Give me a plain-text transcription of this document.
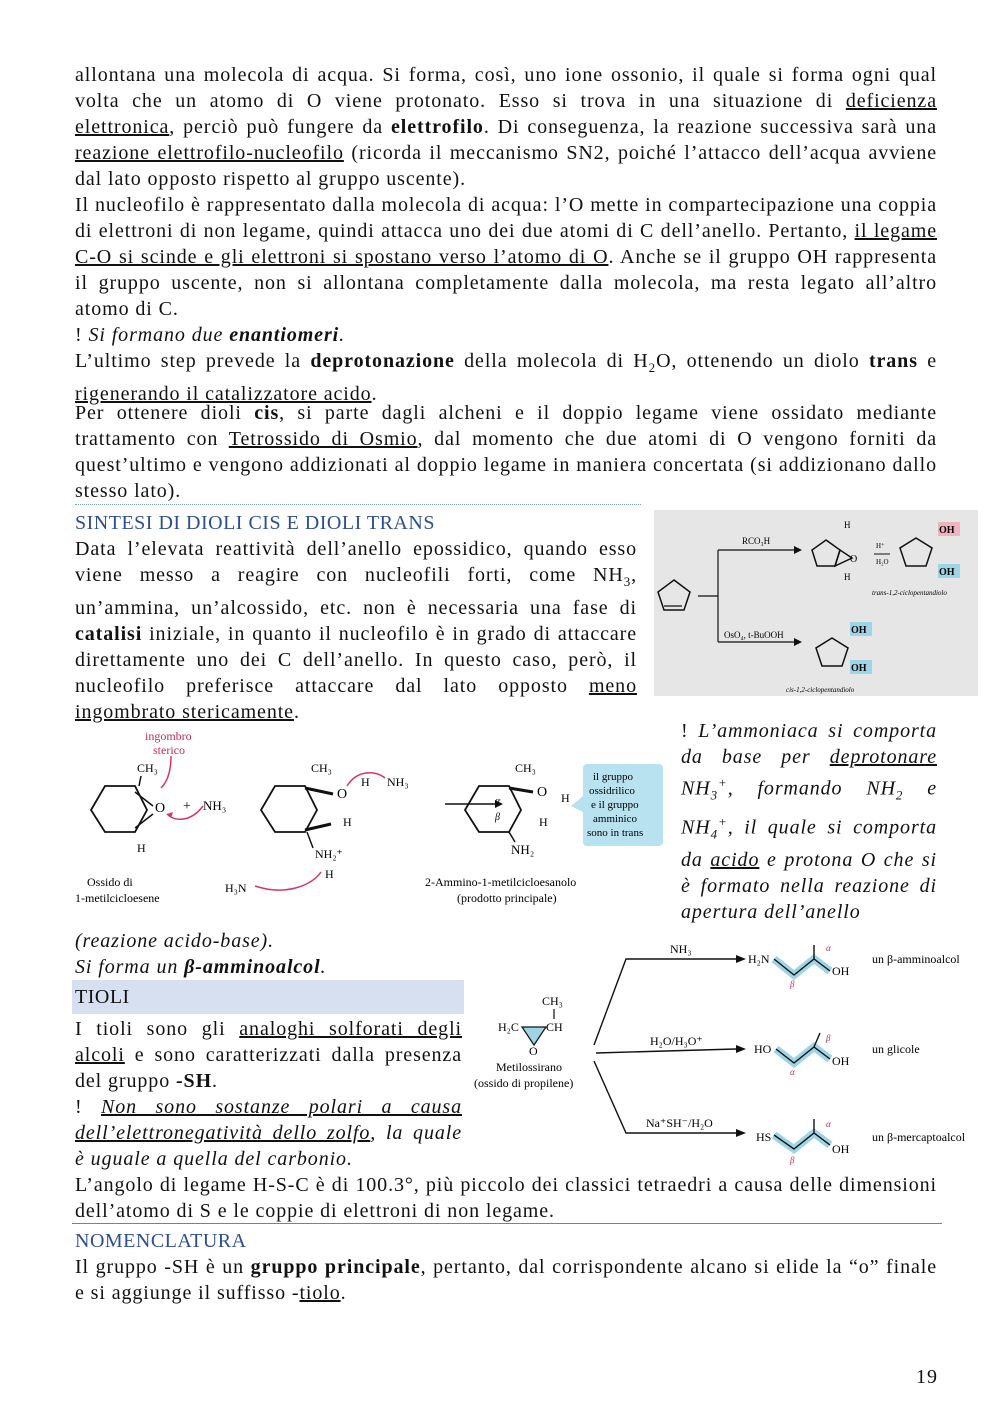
allontana una molecola di acqua. Si forma, così, uno ione ossonio, il quale si forma ogni qual volta che un atomo di O viene protonato. Esso si trova in una situazione di deficienza elettronica, perciò può fungere da elettrofilo. Di conseguenza, la reazione successiva sarà una reazione elettrofilo-nucleofilo (ricorda il meccanismo SN2, poiché l’attacco dell’acqua avviene dal lato opposto rispetto al gruppo uscente).

Il nucleofilo è rappresentato dalla molecola di acqua: l’O mette in compartecipazione una coppia di elettroni di non legame, quindi attacca uno dei due atomi di C dell’anello. Pertanto, il legame C-O si scinde e gli elettroni si spostano verso l’atomo di O. Anche se il gruppo OH rappresenta il gruppo uscente, non si allontana completamente dalla molecola, ma resta legato all’altro atomo di C.

! Si formano due enantiomeri.

L’ultimo step prevede la deprotonazione della molecola di $H_2O$, ottenendo un diolo trans e rigenerando il catalizzatore acido.

Per ottenere dioli cis, si parte dagli alcheni e il doppio legame viene ossidato mediante trattamento con Tetrossido di Osmio, dal momento che due atomi di O vengono forniti da quest’ultimo e vengono addizionati al doppio legame in maniera concertata (si addizionano dallo stesso lato).

SINTESI DI DIOLI CIS E DIOLI TRANS

Data l’elevata reattività dell’anello epossidico, quando esso viene messo a reagire con nucleofili forti, come $NH_3$, un’ammina, un’alcossido, etc. non è necessaria una fase di catalisi iniziale, in quanto il nucleofilo è in grado di attaccare direttamente uno dei C dell’anello. In questo caso, però, il nucleofilo preferisce attaccare dal lato opposto meno ingombrato stericamente.

RCO₃H
OsO₄, t-BuOOH
O
H
H
H⁺
H₂O
OH
OH
trans-1,2-ciclopentandiolo
OH
OH
cis-1,2-ciclopentandiolo
ingombro
sterico
CH₃
O
H
+ NH₃
Ossido di
1-metilcicloesene
CH₃
O
H NH₃
H
NH₂⁺
H
H₃N
CH₃
O H
H
α
β
NH₂
2-Ammino-1-metilcicloesanolo
(prodotto principale)
il gruppo
ossidrilico
e il gruppo
amminico
sono in trans

! L’ammoniaca si comporta da base per deprotonare $NH_3^+$, formando $NH_2$ e $NH_4^+$, il quale si comporta da acido e protona O che si è formato nella reazione di apertura dell’anello

(reazione acido-base).
Si forma un β-amminoalcol.

TIOLI

I tioli sono gli analoghi solforati degli alcoli e sono caratterizzati dalla presenza del gruppo -SH.
! Non sono sostanze polari a causa dell’elettronegatività dello zolfo, la quale è uguale a quella del carbonio.

L’angolo di legame H-S-C è di 100.3°, più piccolo dei classici tetraedri a causa delle dimensioni dell’atomo di S e le coppie di elettroni di non legame.

NH₃
H₂O/H₃O⁺
Na⁺SH⁻/H₂O
CH₃
H₂C CH
O
Metilossirano
(ossido di propilene)
H₂N
OH
α
β
un β-amminoalcol
HO
OH
β
α
un glicole
HS
OH
α
β
un β-mercaptoalcol
NOMENCLATURA

Il gruppo -SH è un gruppo principale, pertanto, dal corrispondente alcano si elide la “o” finale e si aggiunge il suffisso -tiolo.

19
